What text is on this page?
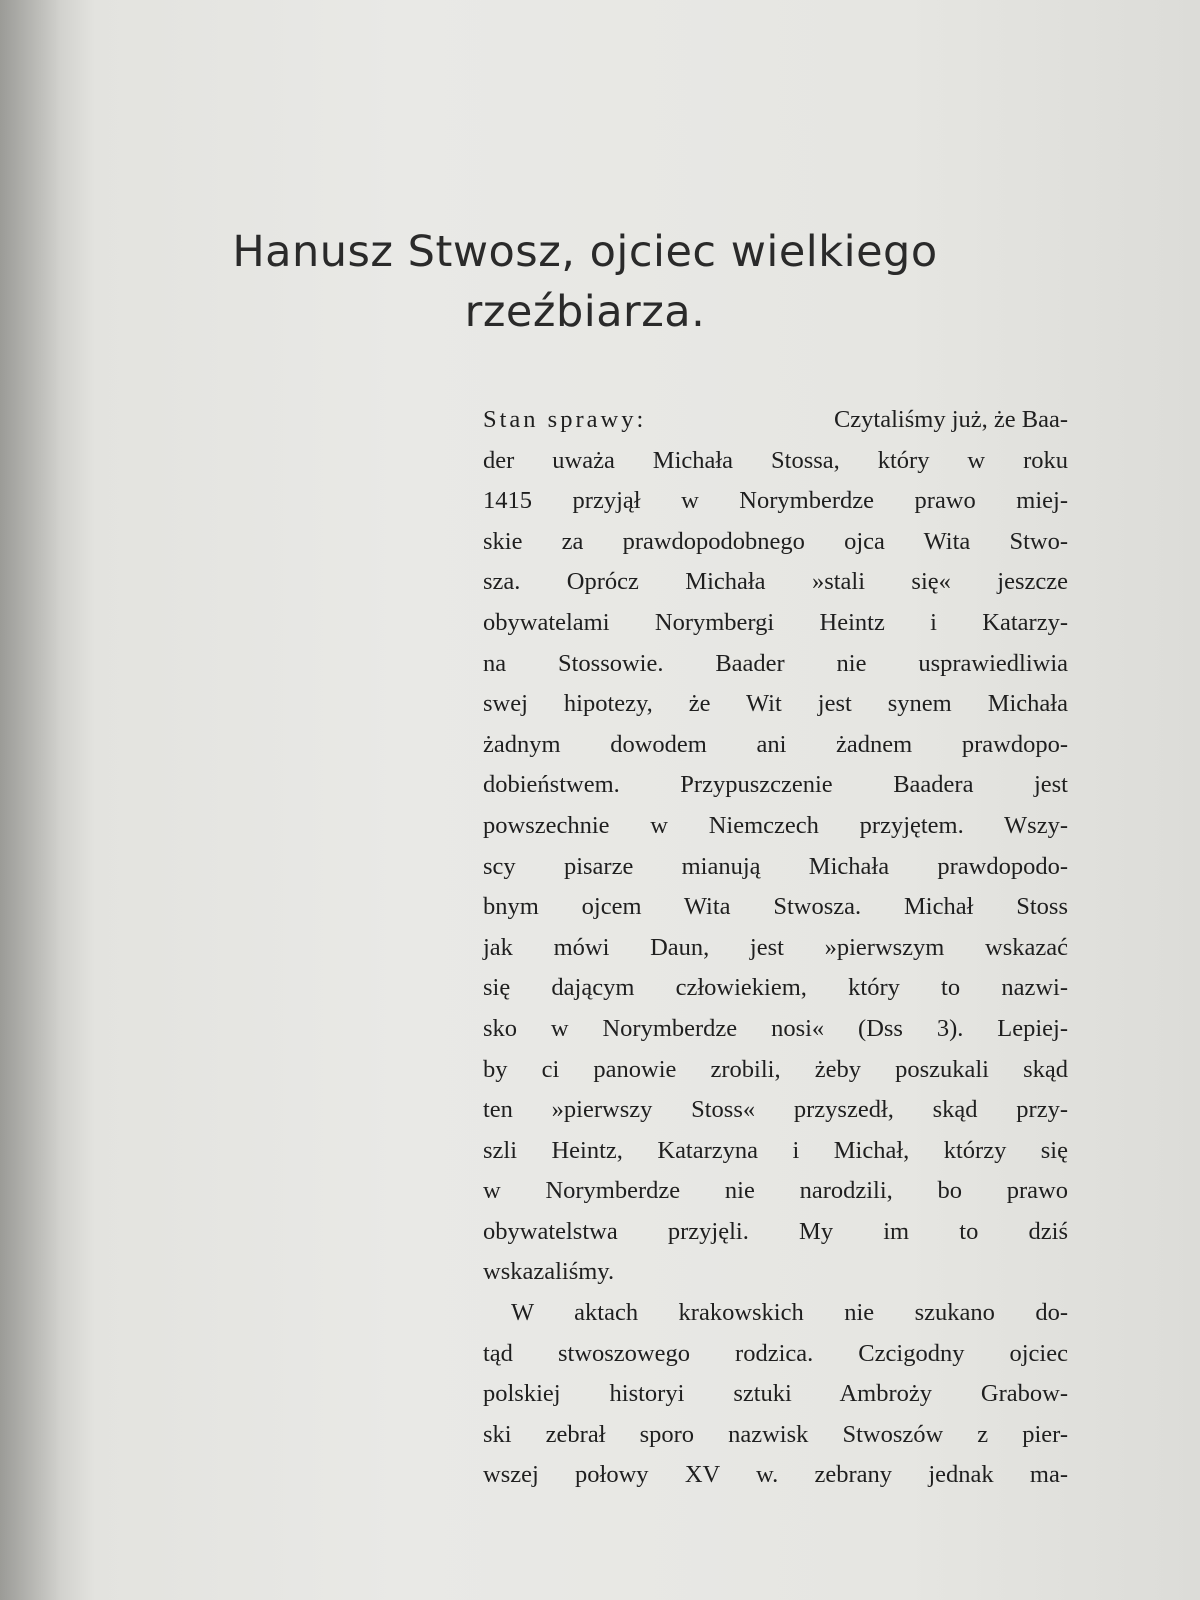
Hanusz Stwosz, ojciec wielkiego
rzeźbiarza.
Stan sprawy:	Czytaliśmy już, że Baa-
der uważa Michała Stossa, który w roku
1415 przyjął w Norymberdze prawo miej-
skie za prawdopodobnego ojca Wita Stwo-
sza. Oprócz Michała »stali się« jeszcze
obywatelami Norymbergi Heintz i Katarzy-
na Stossowie. Baader nie usprawiedliwia
swej hipotezy, że Wit jest synem Michała
żadnym dowodem ani żadnem prawdopo-
dobieństwem. Przypuszczenie Baadera jest
powszechnie w Niemczech przyjętem. Wszy-
scy pisarze mianują Michała prawdopodo-
bnym ojcem Wita Stwosza. Michał Stoss
jak mówi Daun, jest »pierwszym wskazać
się dającym człowiekiem, który to nazwi-
sko w Norymberdze nosi« (Dss 3). Lepiej-
by ci panowie zrobili, żeby poszukali skąd
ten »pierwszy Stoss« przyszedł, skąd przy-
szli Heintz, Katarzyna i Michał, którzy się
w Norymberdze nie narodzili, bo prawo
obywatelstwa przyjęli. My im to dziś
wskazaliśmy.
W aktach krakowskich nie szukano do-
tąd stwoszowego rodzica. Czcigodny ojciec
polskiej historyi sztuki Ambroży Grabow-
ski zebrał sporo nazwisk Stwoszów z pier-
wszej połowy XV w. zebrany jednak ma-
